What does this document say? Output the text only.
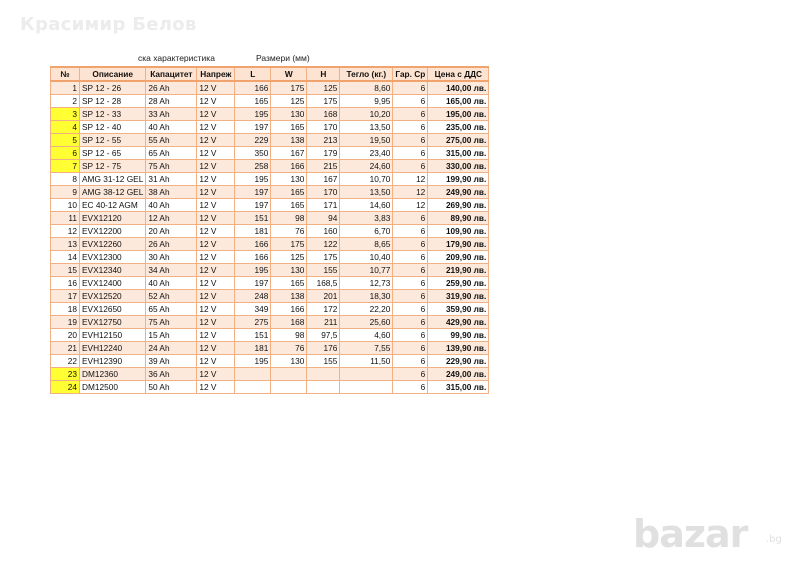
Красимир Белов
ска характеристика	Размери (мм)
№	Описание	Капацитет	Напреж	L	W	H	Тегло (кг.)	Гар. Ср	Цена с ДДС
1	SP 12 - 26	26 Ah	12 V	166	175	125	8,60	6	140,00 лв.
2	SP 12 - 28	28 Ah	12 V	165	125	175	9,95	6	165,00 лв.
3	SP 12 - 33	33 Ah	12 V	195	130	168	10,20	6	195,00 лв.
4	SP 12 - 40	40 Ah	12 V	197	165	170	13,50	6	235,00 лв.
5	SP 12 - 55	55 Ah	12 V	229	138	213	19,50	6	275,00 лв.
6	SP 12 - 65	65 Ah	12 V	350	167	179	23,40	6	315,00 лв.
7	SP 12 - 75	75 Ah	12 V	258	166	215	24,60	6	330,00 лв.
8	AMG 31-12 GEL	31 Ah	12 V	195	130	167	10,70	12	199,90 лв.
9	AMG 38-12 GEL	38 Ah	12 V	197	165	170	13,50	12	249,90 лв.
10	EC 40-12 AGM	40 Ah	12 V	197	165	171	14,60	12	269,90 лв.
11	EVX12120	12 Ah	12 V	151	98	94	3,83	6	89,90 лв.
12	EVX12200	20 Ah	12 V	181	76	160	6,70	6	109,90 лв.
13	EVX12260	26 Ah	12 V	166	175	122	8,65	6	179,90 лв.
14	EVX12300	30 Ah	12 V	166	125	175	10,40	6	209,90 лв.
15	EVX12340	34 Ah	12 V	195	130	155	10,77	6	219,90 лв.
16	EVX12400	40 Ah	12 V	197	165	168,5	12,73	6	259,90 лв.
17	EVX12520	52 Ah	12 V	248	138	201	18,30	6	319,90 лв.
18	EVX12650	65 Ah	12 V	349	166	172	22,20	6	359,90 лв.
19	EVX12750	75 Ah	12 V	275	168	211	25,60	6	429,90 лв.
20	EVH12150	15 Ah	12 V	151	98	97,5	4,60	6	99,90 лв.
21	EVH12240	24 Ah	12 V	181	76	176	7,55	6	139,90 лв.
22	EVH12390	39 Ah	12 V	195	130	155	11,50	6	229,90 лв.
23	DM12360	36 Ah	12 V					6	249,00 лв.
24	DM12500	50 Ah	12 V					6	315,00 лв.
bazar .bg
